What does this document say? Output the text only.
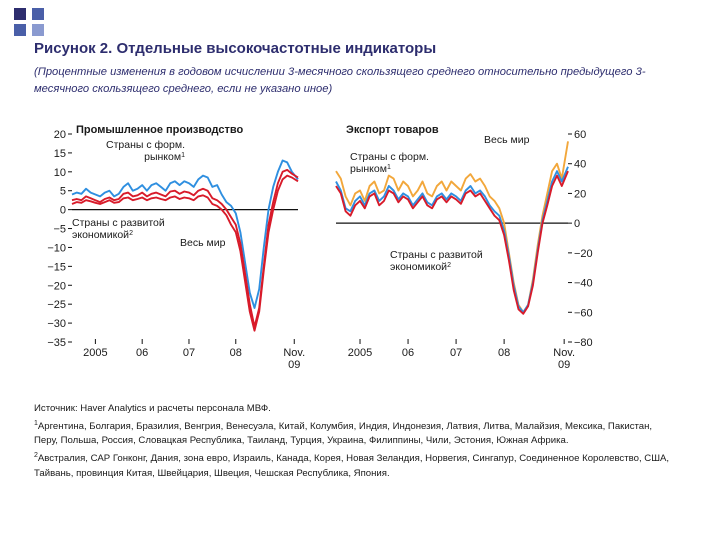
Рисунок 2. Отдельные высокочастотные индикаторы
(Процентные изменения в годовом исчислении 3-месячного скользящего среднего относительно предыдущего 3-месячного скользящего среднего, если не указано иное)
20
15
10
5
0
−5
−10
−15
−20
−25
−30
−35
2005	06	07	08	Nov.
09
Промышленное производство
Страны с форм.
рынком$^1$
Страны с развитой
экономикой$^2$
Весь мир
60
40
20
0
−20
−40
−60
−80
2005	06	07	08	Nov.
09
Экспорт товаров
Весь мир
Страны с форм.
рынком$^1$
Страны с развитой
экономикой$^2$

Источник: Haver Analytics и расчеты персонала МВФ.

$^1$Аргентина, Болгария, Бразилия, Венгрия, Венесуэла, Китай, Колумбия, Индия, Индонезия, Латвия, Литва, Малайзия, Мексика, Пакистан, Перу, Польша, Россия, Словацкая Республика, Таиланд, Турция, Украина, Филиппины, Чили, Эстония, Южная Африка.

$^2$Австралия, САР Гонконг, Дания, зона евро, Израиль, Канада, Корея, Новая Зеландия, Норвегия, Сингапур, Соединенное Королевство, США, Тайвань, провинция Китая, Швейцария, Швеция, Чешская Республика, Япония.
